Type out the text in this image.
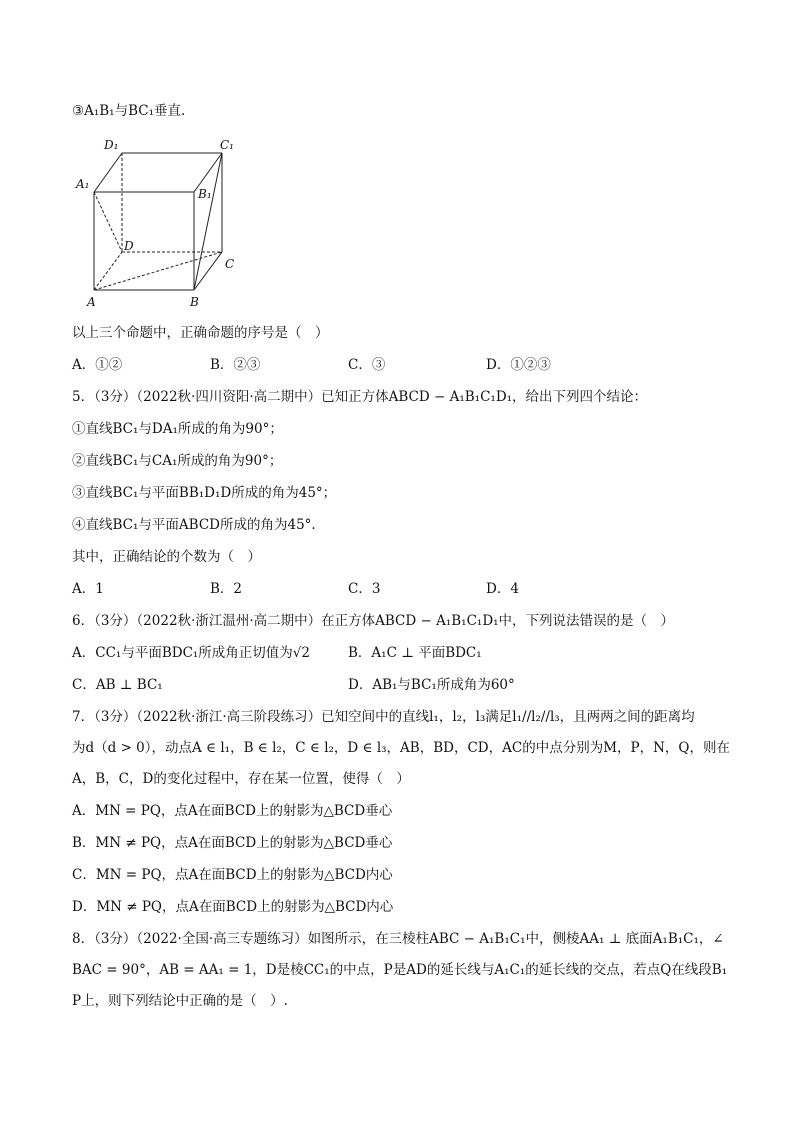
③A₁B₁与BC₁垂直.
D₁	C₁
A₁
B₁
D
C
A	B
以上三个命题中，正确命题的序号是（　）
A．①②	B．②③	C．③	D．①②③
5．（3分）（2022秋·四川资阳·高二期中）已知正方体ABCD − A₁B₁C₁D₁，给出下列四个结论：
①直线BC₁与DA₁所成的角为90°；
②直线BC₁与CA₁所成的角为90°；
③直线BC₁与平面BB₁D₁D所成的角为45°；
④直线BC₁与平面ABCD所成的角为45°.
其中，正确结论的个数为（　）
A．1	B．2	C．3	D．4
6．（3分）（2022秋·浙江温州·高二期中）在正方体ABCD − A₁B₁C₁D₁中，下列说法错误的是（　）
A．CC₁与平面BDC₁所成角正切值为√2	B．A₁C ⊥ 平面BDC₁
C．AB ⊥ BC₁	D．AB₁与BC₁所成角为60°
7．（3分）（2022秋·浙江·高三阶段练习）已知空间中的直线l₁，l₂，l₃满足l₁//l₂//l₃，且两两之间的距离均
为d（d > 0），动点A ∈ l₁，B ∈ l₂，C ∈ l₂，D ∈ l₃，AB，BD，CD，AC的中点分别为M，P，N，Q，则在
A，B，C，D的变化过程中，存在某一位置，使得（　）
A．MN = PQ，点A在面BCD上的射影为△BCD垂心
B．MN ≠ PQ，点A在面BCD上的射影为△BCD垂心
C．MN = PQ，点A在面BCD上的射影为△BCD内心
D．MN ≠ PQ，点A在面BCD上的射影为△BCD内心
8．（3分）（2022·全国·高三专题练习）如图所示，在三棱柱ABC − A₁B₁C₁中，侧棱AA₁ ⊥ 底面A₁B₁C₁，∠
BAC = 90°，AB = AA₁ = 1，D是棱CC₁的中点，P是AD的延长线与A₁C₁的延长线的交点，若点Q在线段B₁
P上，则下列结论中正确的是（　）.
